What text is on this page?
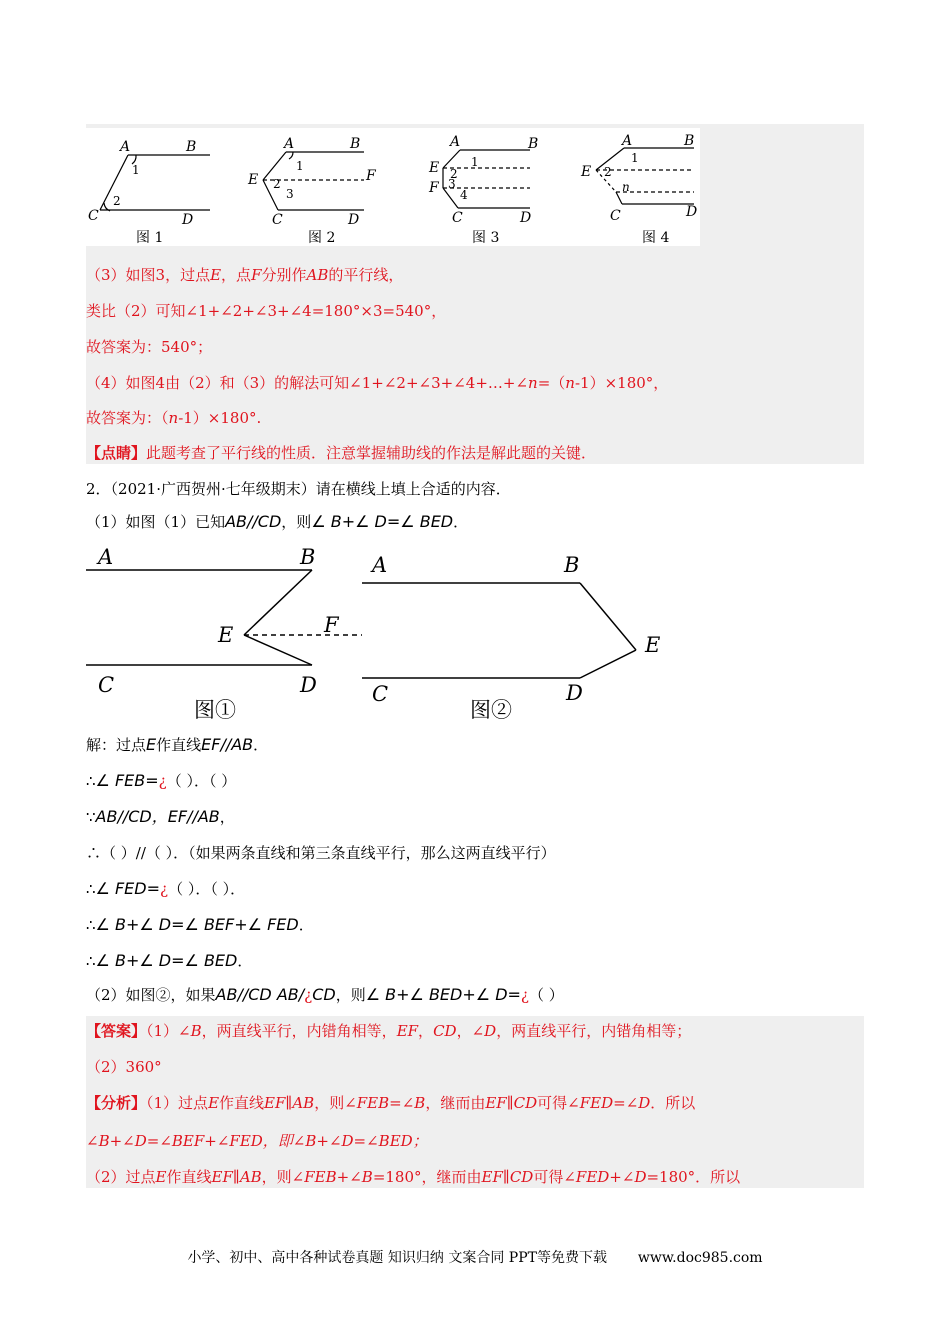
A	B
C	D
1
2
图 1
A	B
E	F
C	D
1
2
3
图 2
A	B
E
F
C	D
1
2
3
4
图 3
A	B
E
C	D
1
2
n
图 4
（3）如图3，过点E，点F分别作AB的平行线，
类比（2）可知∠1+∠2+∠3+∠4=180°×3=540°，
故答案为：540°；
（4）如图4由（2）和（3）的解法可知∠1+∠2+∠3+∠4+…+∠n=（n-1）×180°，
故答案为：（n-1）×180°.
【点睛】此题考查了平行线的性质．注意掌握辅助线的作法是解此题的关键．
2．（2021·广西贺州·七年级期末）请在横线上填上合适的内容．
（1）如图（1）已知AB//CD，则∠ B+∠ D=∠ BED．
A	B
E	F
C	D
图①
A	B
E
C	D
图②
解：过点E作直线EF//AB．
∴∠ FEB=¿（ ）．（ ）
∵AB//CD，EF//AB，
∴（ ）//（ ）．（如果两条直线和第三条直线平行，那么这两直线平行）
∴∠ FED=¿（ ）．（ ）．
∴∠ B+∠ D=∠ BEF+∠ FED．
∴∠ B+∠ D=∠ BED．
（2）如图②，如果AB//CD AB/¿CD，则∠ B+∠ BED+∠ D=¿（ ）
【答案】（1）∠B，两直线平行，内错角相等，EF，CD，∠D，两直线平行，内错角相等；
（2）360°
【分析】（1）过点E作直线EF∥AB，则∠FEB=∠B，继而由EF∥CD可得∠FED=∠D．所以
∠B+∠D=∠BEF+∠FED，即∠B+∠D=∠BED；
（2）过点E作直线EF∥AB，则∠FEB+∠B=180°，继而由EF∥CD可得∠FED+∠D=180°．所以
小学、初中、高中各种试卷真题 知识归纳 文案合同 PPT等免费下载 www.doc985.com
